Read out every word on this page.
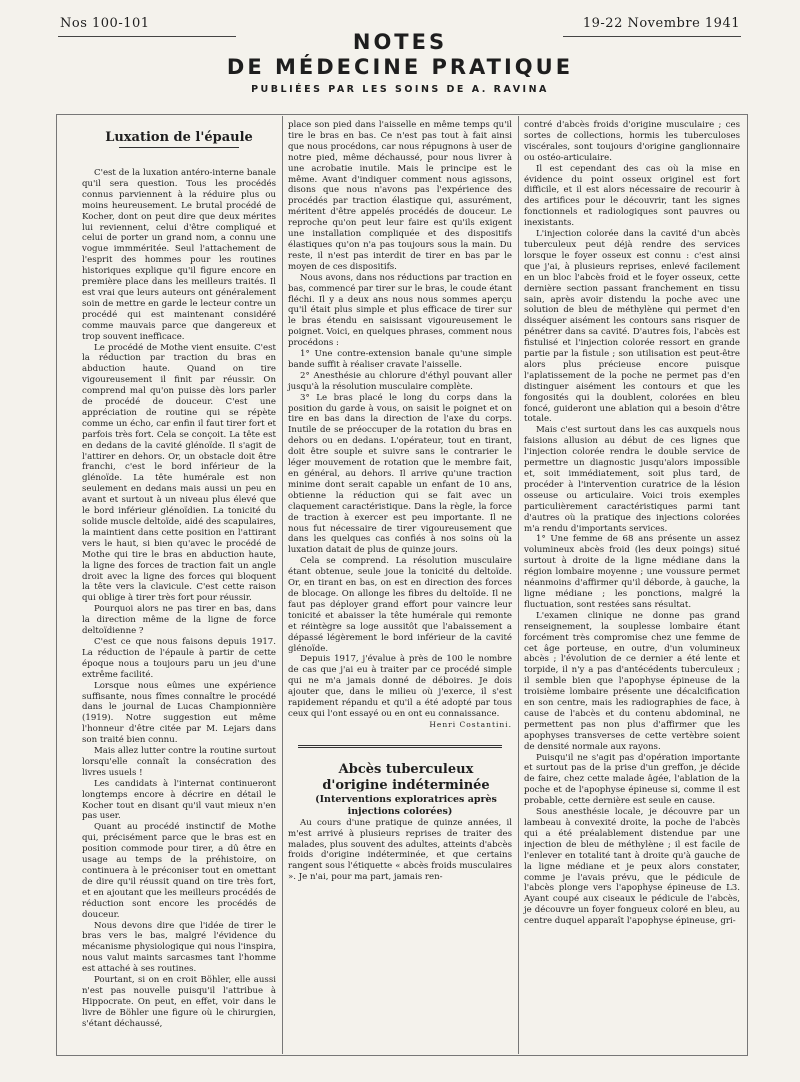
Nos 100-101	19-22 Novembre 1941
NOTES
DE MÉDECINE PRATIQUE
PUBLIÉES PAR LES SOINS DE A. RAVINA

Luxation de l'épaule

C'est de la luxation antéro-interne banale qu'il sera question. Tous les procédés connus parviennent à la réduire plus ou moins heureusement. Le brutal procédé de Kocher, dont on peut dire que deux mérites lui reviennent, celui d'être compliqué et celui de porter un grand nom, a connu une vogue immméritée. Seul l'attachement de l'esprit des hommes pour les routines historiques explique qu'il figure encore en première place dans les meilleurs traités. Il est vrai que leurs auteurs ont généralement soin de mettre en garde le lecteur contre un procédé qui est maintenant considéré comme mauvais parce que dangereux et trop souvent inefficace.

Le procédé de Mothe vient ensuite. C'est la réduction par traction du bras en abduction haute. Quand on tire vigoureusement il finit par réussir. On comprend mal qu'on puisse dès lors parler de procédé de douceur. C'est une appréciation de routine qui se répète comme un écho, car enfin il faut tirer fort et parfois très fort. Cela se conçoit. La tête est en dedans de la cavité glénoïde. Il s'agit de l'attirer en dehors. Or, un obstacle doit être franchi, c'est le bord inférieur de la glénoïde. La tête humérale est non seulement en dedans mais aussi un peu en avant et surtout à un niveau plus élevé que le bord inférieur glénoïdien. La tonicité du solide muscle deltoïde, aidé des scapulaires, la maintient dans cette position en l'attirant vers le haut, si bien qu'avec le procédé de Mothe qui tire le bras en abduction haute, la ligne des forces de traction fait un angle droit avec la ligne des forces qui bloquent la tête vers la clavicule. C'est cette raison qui oblige à tirer très fort pour réussir.

Pourquoi alors ne pas tirer en bas, dans la direction même de la ligne de force deltoïdienne ?

C'est ce que nous faisons depuis 1917. La réduction de l'épaule à partir de cette époque nous a toujours paru un jeu d'une extrême facilité.

Lorsque nous eûmes une expérience suffisante, nous fîmes connaître le procédé dans le journal de Lucas Championnière (1919). Notre suggestion eut même l'honneur d'être citée par M. Lejars dans son traité bien connu.

Mais allez lutter contre la routine surtout lorsqu'elle connaît la consécration des livres usuels !

Les candidats à l'internat continueront longtemps encore à décrire en détail le Kocher tout en disant qu'il vaut mieux n'en pas user.

Quant au procédé instinctif de Mothe qui, précisément parce que le bras est en position commode pour tirer, a dû être en usage au temps de la préhistoire, on continuera à le préconiser tout en omettant de dire qu'il réussit quand on tire très fort, et en ajoutant que les meilleurs procédés de réduction sont encore les procédés de douceur.

Nous devons dire que l'idée de tirer le bras vers le bas, malgré l'évidence du mécanisme physiologique qui nous l'inspira, nous valut maints sarcasmes tant l'homme est attaché à ses routines.

Pourtant, si on en croit Böhler, elle aussi n'est pas nouvelle puisqu'il l'attribue à Hippocrate. On peut, en effet, voir dans le livre de Böhler une figure où le chirurgien, s'étant déchaussé,

place son pied dans l'aisselle en même temps qu'il tire le bras en bas. Ce n'est pas tout à fait ainsi que nous procédons, car nous répugnons à user de notre pied, même déchaussé, pour nous livrer à une acrobatie inutile. Mais le principe est le même. Avant d'indiquer comment nous agissons, disons que nous n'avons pas l'expérience des procédés par traction élastique qui, assurément, méritent d'être appelés procédés de douceur. Le reproche qu'on peut leur faire est qu'ils exigent une installation compliquée et des dispositifs élastiques qu'on n'a pas toujours sous la main. Du reste, il n'est pas interdit de tirer en bas par le moyen de ces dispositifs.

Nous avons, dans nos réductions par traction en bas, commencé par tirer sur le bras, le coude étant fléchi. Il y a deux ans nous nous sommes aperçu qu'il était plus simple et plus efficace de tirer sur le bras étendu en saisissant vigoureusement le poignet. Voici, en quelques phrases, comment nous procédons :

1° Une contre-extension banale qu'une simple bande suffit à réaliser cravate l'aisselle.

2° Anesthésie au chlorure d'éthyl pouvant aller jusqu'à la résolution musculaire complète.

3° Le bras placé le long du corps dans la position du garde à vous, on saisit le poignet et on tire en bas dans la direction de l'axe du corps. Inutile de se préoccuper de la rotation du bras en dehors ou en dedans. L'opérateur, tout en tirant, doit être souple et suivre sans le contrarier le léger mouvement de rotation que le membre fait, en général, au dehors. Il arrive qu'une traction minime dont serait capable un enfant de 10 ans, obtienne la réduction qui se fait avec un claquement caractéristique. Dans la règle, la force de traction à exercer est peu importante. Il ne nous fut nécessaire de tirer vigoureusement que dans les quelques cas confiés à nos soins où la luxation datait de plus de quinze jours.

Cela se comprend. La résolution musculaire étant obtenue, seule joue la tonicité du deltoïde. Or, en tirant en bas, on est en direction des forces de blocage. On allonge les fibres du deltoïde. Il ne faut pas déployer grand effort pour vaincre leur tonicité et abaisser la tête humérale qui remonte et réintègre sa loge aussitôt que l'abaissement a dépassé légèrement le bord inférieur de la cavité glénoïde.

Depuis 1917, j'évalue à près de 100 le nombre de cas que j'ai eu à traiter par ce procédé simple qui ne m'a jamais donné de déboires. Je dois ajouter que, dans le milieu où j'exerce, il s'est rapidement répandu et qu'il a été adopté par tous ceux qui l'ont essayé ou en ont eu connaissance.

Henri Costantini.

Abcès tuberculeux

d'origine indéterminée

(Interventions exploratrices après injections colorées)

Au cours d'une pratique de quinze années, il m'est arrivé à plusieurs reprises de traiter des malades, plus souvent des adultes, atteints d'abcès froids d'origine indéterminée, et que certains rangent sous l'étiquette « abcès froids musculaires ». Je n'ai, pour ma part, jamais ren-

contré d'abcès froids d'origine musculaire ; ces sortes de collections, hormis les tuberculoses viscérales, sont toujours d'origine ganglionnaire ou ostéo-articulaire.

Il est cependant des cas où la mise en évidence du point osseux originel est fort difficile, et il est alors nécessaire de recourir à des artifices pour le découvrir, tant les signes fonctionnels et radiologiques sont pauvres ou inexistants.

L'injection colorée dans la cavité d'un abcès tuberculeux peut déjà rendre des services lorsque le foyer osseux est connu : c'est ainsi que j'ai, à plusieurs reprises, enlevé facilement en un bloc l'abcès froid et le foyer osseux, cette dernière section passant franchement en tissu sain, après avoir distendu la poche avec une solution de bleu de méthylène qui permet d'en disséquer aisément les contours sans risquer de pénétrer dans sa cavité. D'autres fois, l'abcès est fistulisé et l'injection colorée ressort en grande partie par la fistule ; son utilisation est peut-être alors plus précieuse encore puisque l'aplatissement de la poche ne permet pas d'en distinguer aisément les contours et que les fongosités qui la doublent, colorées en bleu foncé, guideront une ablation qui a besoin d'être totale.

Mais c'est surtout dans les cas auxquels nous faisions allusion au début de ces lignes que l'injection colorée rendra le double service de permettre un diagnostic jusqu'alors impossible et, soit immédiatement, soit plus tard, de procéder à l'intervention curatrice de la lésion osseuse ou articulaire. Voici trois exemples particulièrement caractéristiques parmi tant d'autres où la pratique des injections colorées m'a rendu d'importants services.

1° Une femme de 68 ans présente un assez volumineux abcès froid (les deux poings) situé surtout à droite de la ligne médiane dans la région lombaire moyenne ; une voussure permet néanmoins d'affirmer qu'il déborde, à gauche, la ligne médiane ; les ponctions, malgré la fluctuation, sont restées sans résultat.

L'examen clinique ne donne pas grand renseignement, la souplesse lombaire étant forcément très compromise chez une femme de cet âge porteuse, en outre, d'un volumineux abcès ; l'évolution de ce dernier a été lente et torpide, il n'y a pas d'antécédents tuberculeux ; il semble bien que l'apophyse épineuse de la troisième lombaire présente une décalcification en son centre, mais les radiographies de face, à cause de l'abcès et du contenu abdominal, ne permettent pas non plus d'affirmer que les apophyses transverses de cette vertèbre soient de densité normale aux rayons.

Puisqu'il ne s'agit pas d'opération importante et surtout pas de la prise d'un greffon, je décide de faire, chez cette malade âgée, l'ablation de la poche et de l'apophyse épineuse si, comme il est probable, cette dernière est seule en cause.

Sous anesthésie locale, je découvre par un lambeau à convexité droite, la poche de l'abcès qui a été préalablement distendue par une injection de bleu de méthylène ; il est facile de l'enlever en totalité tant à droite qu'à gauche de la ligne médiane et je peux alors constater, comme je l'avais prévu, que le pédicule de l'abcès plonge vers l'apophyse épineuse de L3. Ayant coupé aux ciseaux le pédicule de l'abcès, je découvre un foyer fongueux coloré en bleu, au centre duquel apparaît l'apophyse épineuse, gri-
